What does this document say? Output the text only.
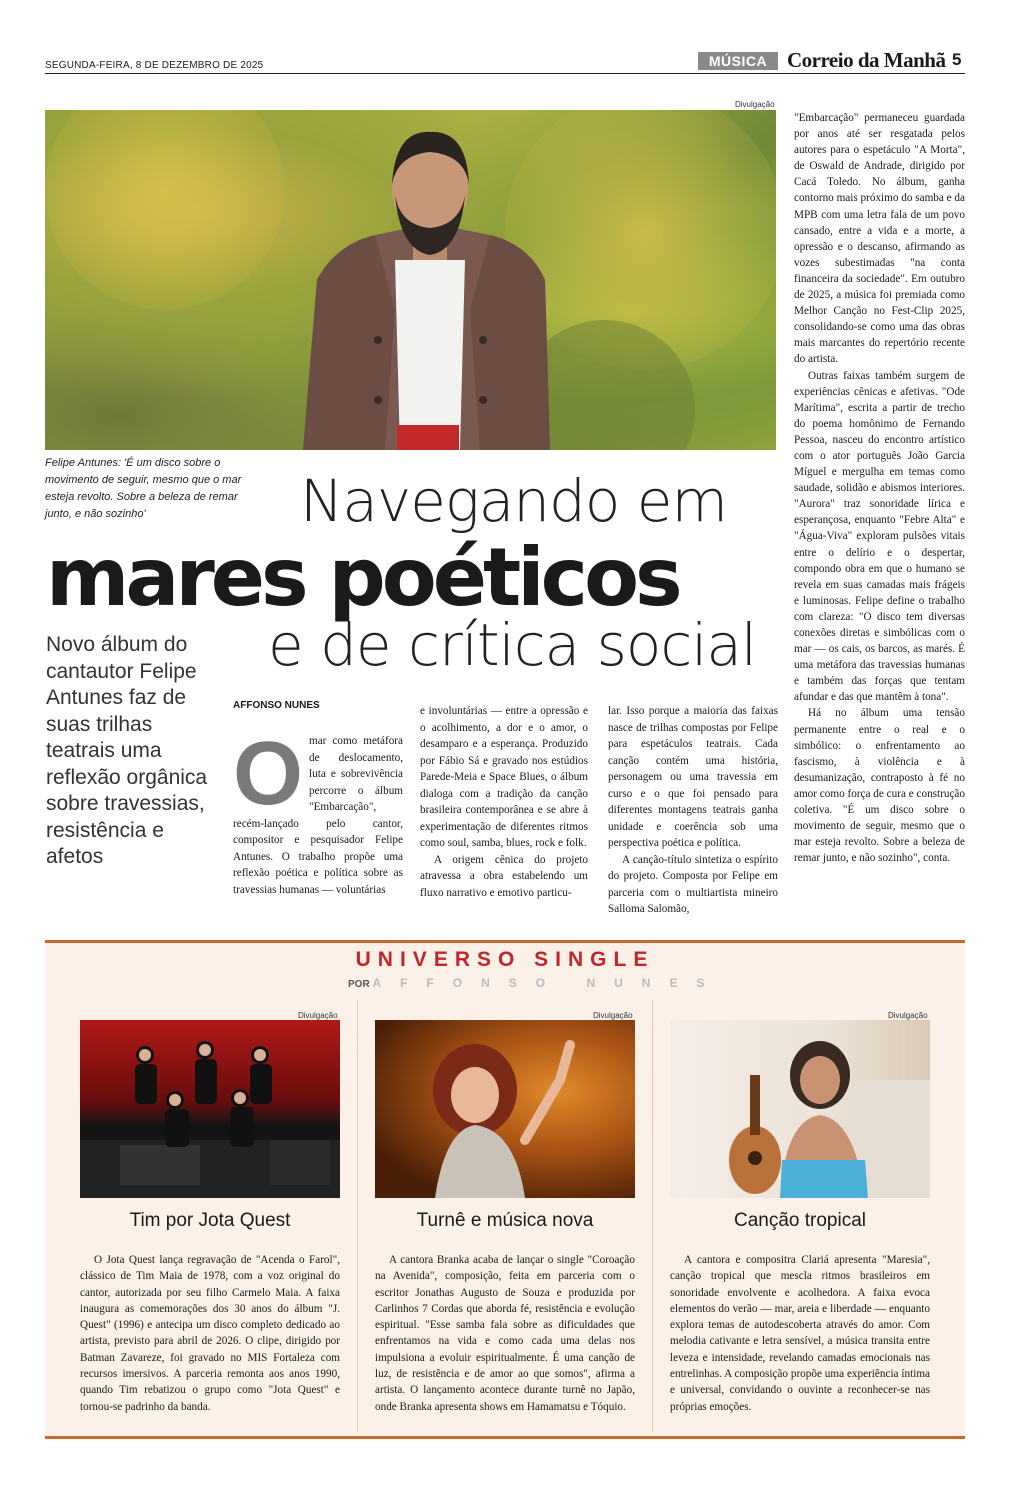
SEGUNDA-FEIRA, 8 DE DEZEMBRO DE 2025	MÚSICA Correio da Manhã 5
Divulgação
Felipe Antunes: 'É um disco sobre o movimento de seguir, mesmo que o mar esteja revolto. Sobre a beleza de remar junto, e não sozinho'	Navegando em
mares poéticos
e de crítica social
Novo álbum do cantautor Felipe Antunes faz de suas trilhas teatrais uma reflexão orgânica sobre travessias, resistência e afetos
AFFONSO NUNES
O mar como metáfora de deslocamento, luta e sobrevivência percorre o álbum "Embarcação", recém-lançado pelo cantor, compositor e pesquisador Felipe Antunes. O trabalho propõe uma reflexão poética e política sobre as travessias humanas — voluntárias

e involuntárias — entre a opressão e o acolhimento, a dor e o amor, o desamparo e a esperança. Produzido por Fábio Sá e gravado nos estúdios Parede-Meia e Space Blues, o álbum dialoga com a tradição da canção brasileira contemporânea e se abre à experimentação de diferentes ritmos como soul, samba, blues, rock e folk.

A origem cênica do projeto atravessa a obra estabelendo um fluxo narrativo e emotivo particu-

lar. Isso porque a maioria das faixas nasce de trilhas compostas por Felipe para espetáculos teatrais. Cada canção contém uma história, personagem ou uma travessia em curso e o que foi pensado para diferentes montagens teatrais ganha unidade e coerência sob uma perspectiva poética e política.

A canção-título sintetiza o espírito do projeto. Composta por Felipe em parceria com o multiartista mineiro Salloma Salomão,

"Embarcação" permaneceu guardada por anos até ser resgatada pelos autores para o espetáculo "A Morta", de Oswald de Andrade, dirigido por Cacá Toledo. No álbum, ganha contorno mais próximo do samba e da MPB com uma letra fala de um povo cansado, entre a vida e a morte, a opressão e o descanso, afirmando as vozes subestimadas "na conta financeira da sociedade". Em outubro de 2025, a música foi premiada como Melhor Canção no Fest-Clip 2025, consolidando-se como uma das obras mais marcantes do repertório recente do artista.

Outras faixas também surgem de experiências cênicas e afetivas. "Ode Marítima", escrita a partir de trecho do poema homônimo de Fernando Pessoa, nasceu do encontro artístico com o ator português João Garcia Míguel e mergulha em temas como saudade, solidão e abismos interiores. "Aurora" traz sonoridade lírica e esperançosa, enquanto "Febre Alta" e "Água-Viva" exploram pulsões vitais entre o delírio e o despertar, compondo obra em que o humano se revela em suas camadas mais frágeis e luminosas. Felipe define o trabalho com clareza: "O disco tem diversas conexões diretas e simbólicas com o mar — os cais, os barcos, as marés. É uma metáfora das travessias humanas e também das forças que tentam afundar e das que mantêm à tona".

Há no álbum uma tensão permanente entre o real e o simbólico: o enfrentamento ao fascismo, à violência e à desumanização, contraposto à fé no amor como força de cura e construção coletiva. "É um disco sobre o movimento de seguir, mesmo que o mar esteja revolto. Sobre a beleza de remar junto, e não sozinho", conta.

UNIVERSO SINGLE
POR AFFONSO NUNES
Divulgação
Tim por Jota Quest

O Jota Quest lança regravação de "Acenda o Farol", clássico de Tim Maia de 1978, com a voz original do cantor, autorizada por seu filho Carmelo Maia. A faixa inaugura as comemorações dos 30 anos do álbum "J. Quest" (1996) e antecipa um disco completo dedicado ao artista, previsto para abril de 2026. O clipe, dirigido por Batman Zavareze, foi gravado no MIS Fortaleza com recursos imersivos. A parceria remonta aos anos 1990, quando Tim rebatizou o grupo como "Jota Quest" e tornou-se padrinho da banda.

Divulgação
Turnê e música nova

A cantora Branka acaba de lançar o single "Coroação na Avenida", composição, feita em parceria com o escritor Jonathas Augusto de Souza e produzida por Carlinhos 7 Cordas que aborda fé, resistência e evolução espiritual. "Esse samba fala sobre as dificuldades que enfrentamos na vida e como cada uma delas nos impulsiona a evoluir espiritualmente. É uma canção de luz, de resistência e de amor ao que somos", afirma a artista. O lançamento acontece durante turnê no Japão, onde Branka apresenta shows em Hamamatsu e Tóquio.

Divulgação
Canção tropical

A cantora e compositra Clariá apresenta "Maresia", canção tropical que mescla ritmos brasileiros em sonoridade envolvente e acolhedora. A faixa evoca elementos do verão — mar, areia e liberdade — enquanto explora temas de autodescoberta através do amor. Com melodia cativante e letra sensível, a música transita entre leveza e intensidade, revelando camadas emocionais nas entrelinhas. A composição propõe uma experiência íntima e universal, convidando o ouvinte a reconhecer-se nas próprias emoções.
